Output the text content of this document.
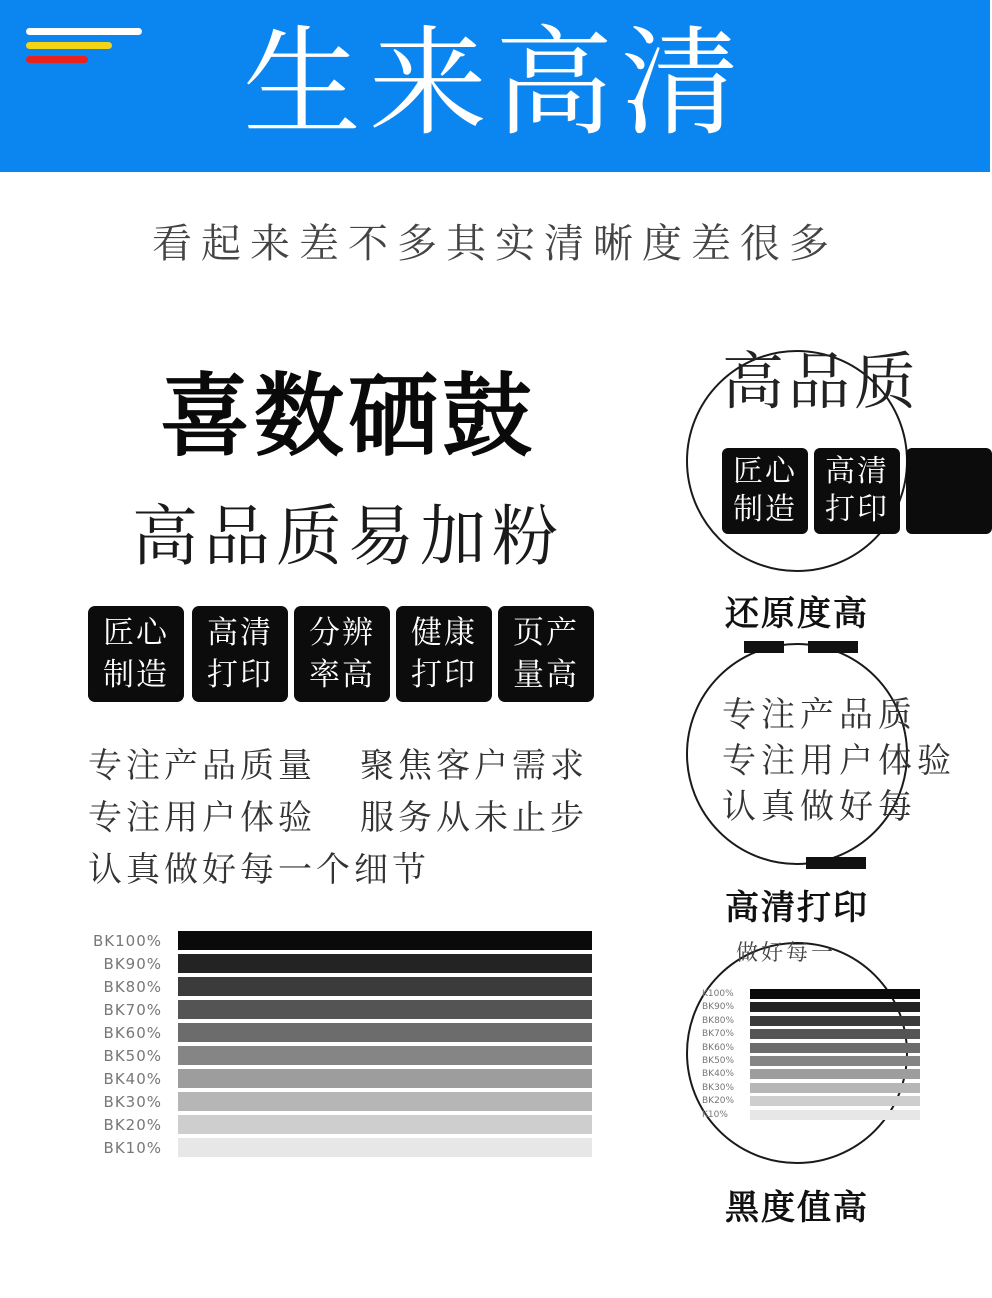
生来高清
看起来差不多其实清晰度差很多
喜数硒鼓
高品质易加粉
匠心
制造
高清
打印
分辨
率高
健康
打印
页产
量高
专注产品质量 聚焦客户需求
专注用户体验 服务从未止步
认真做好每一个细节
BK100%
BK90%
BK80%
BK70%
BK60%
BK50%
BK40%
BK30%
BK20%
BK10%
高品质
匠心
制造
高清
打印
还原度高
专注产品质
专注用户体验
认真做好每
高清打印
做好每一
K100%
BK90%
BK80%
BK70%
BK60%
BK50%
BK40%
BK30%
BK20%
K10%
黑度值高
